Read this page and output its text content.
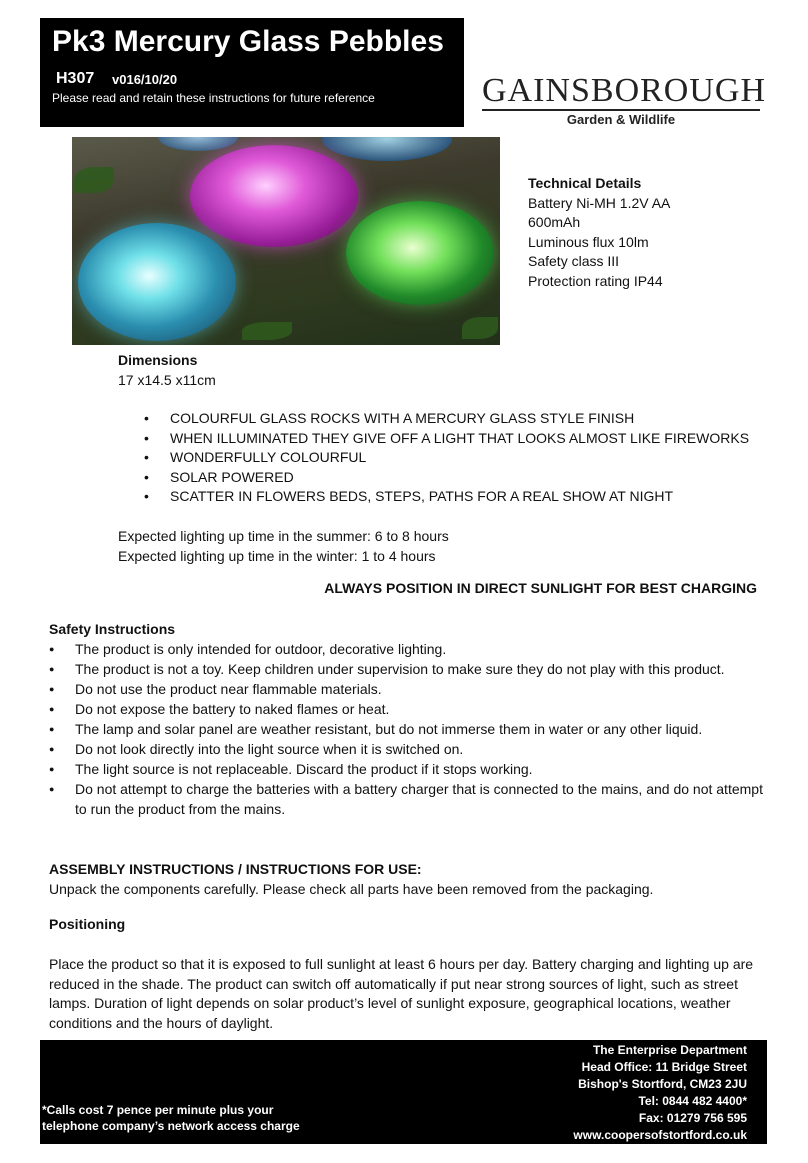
Pk3 Mercury Glass Pebbles
H307 v016/10/20
Please read and retain these instructions for future reference	GAINSBOROUGH
Garden & Wildlife
Technical Details
Battery Ni-MH 1.2V AA
600mAh
Luminous flux 10lm
Safety class III
Protection rating IP44
Dimensions
17 x14.5 x11cm
• COLOURFUL GLASS ROCKS WITH A MERCURY GLASS STYLE FINISH
• WHEN ILLUMINATED THEY GIVE OFF A LIGHT THAT LOOKS ALMOST LIKE FIREWORKS
• WONDERFULLY COLOURFUL
• SOLAR POWERED
• SCATTER IN FLOWERS BEDS, STEPS, PATHS FOR A REAL SHOW AT NIGHT
Expected lighting up time in the summer: 6 to 8 hours
Expected lighting up time in the winter: 1 to 4 hours
ALWAYS POSITION IN DIRECT SUNLIGHT FOR BEST CHARGING
Safety Instructions
● The product is only intended for outdoor, decorative lighting.
● The product is not a toy. Keep children under supervision to make sure they do not play with this product.
● Do not use the product near flammable materials.
● Do not expose the battery to naked flames or heat.
● The lamp and solar panel are weather resistant, but do not immerse them in water or any other liquid.
● Do not look directly into the light source when it is switched on.
● The light source is not replaceable. Discard the product if it stops working.
● Do not attempt to charge the batteries with a battery charger that is connected to the mains, and do not attempt to run the product from the mains.
ASSEMBLY INSTRUCTIONS / INSTRUCTIONS FOR USE:
Unpack the components carefully. Please check all parts have been removed from the packaging.
Positioning
Place the product so that it is exposed to full sunlight at least 6 hours per day. Battery charging and lighting up are reduced in the shade. The product can switch off automatically if put near strong sources of light, such as street lamps. Duration of light depends on solar product’s level of sunlight exposure, geographical locations, weather conditions and the hours of daylight.
*Calls cost 7 pence per minute plus your
telephone company’s network access charge
The Enterprise Department
Head Office: 11 Bridge Street
Bishop's Stortford, CM23 2JU
Tel: 0844 482 4400*
Fax: 01279 756 595
www.coopersofstortford.co.uk
